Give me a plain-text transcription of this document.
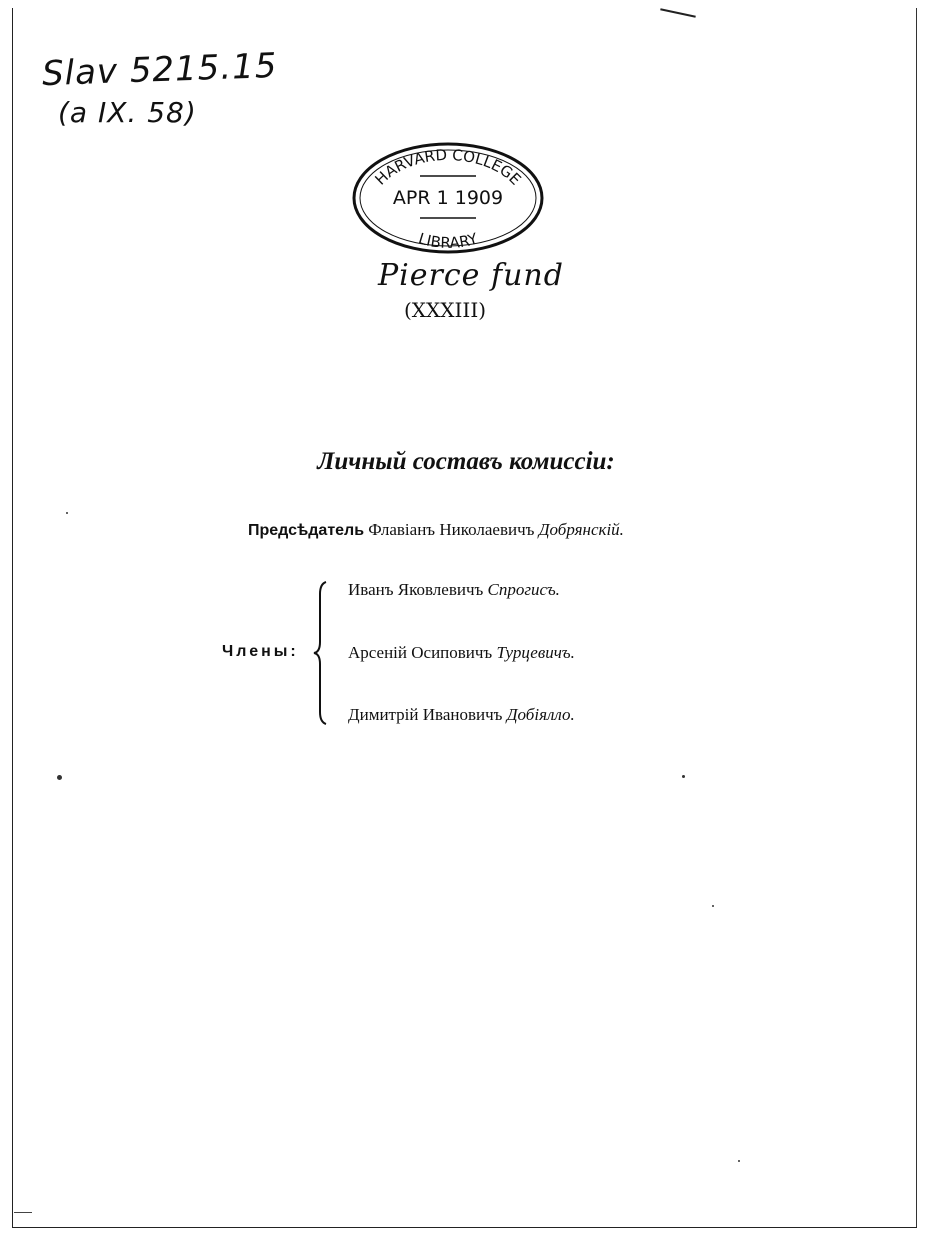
Slav 5215.15
(a IX. 58)
HARVARD COLLEGE
APR 1 1909
LIBRARY
Pierce fund
(XXXIII)
Личный составъ комиссіи:
Предсѣдатель Флавіанъ Николаевичъ Добрянскій.
Члены:
Иванъ Яковлевичъ Спрогисъ.
Арсеній Осиповичъ Турцевичъ.
Димитрій Ивановичъ Добіялло.
